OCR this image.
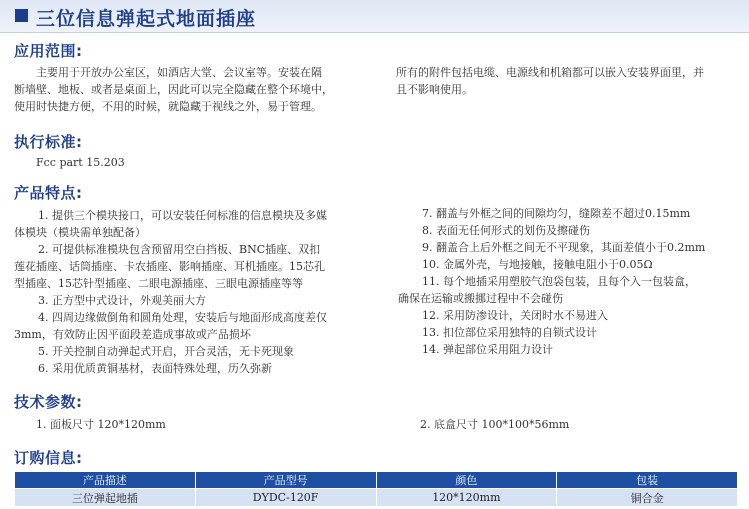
三位信息弹起式地面插座
应用范围:
主要用于开放办公室区，如酒店大堂、会议室等。安装在隔
断墙壁、地板、或者是桌面上，因此可以完全隐藏在整个环境中，
使用时快捷方便，不用的时候，就隐藏于视线之外，易于管理。
所有的附件包括电缆、电源线和机箱都可以嵌入安装界面里，并
且不影响使用。
执行标准:
Fcc part 15.203
产品特点:
1. 提供三个模块接口，可以安装任何标准的信息模块及多媒
体模块（模块需单独配备）
2. 可提供标准模块包含预留用空白挡板、BNC插座、双扣
莲花插座、话筒插座、卡农插座、影响插座、耳机插座。15芯孔
型插座、15芯针型插座、二眼电源插座、三眼电源插座等等
3. 正方型中式设计，外观美丽大方
4. 四周边缘做倒角和圆角处理，安装后与地面形成高度差仅
3mm，有效防止因平面段差造成事故或产品损坏
5. 开关控制自动弹起式开启，开合灵活，无卡死现象
6. 采用优质黄铜基材，表面特殊处理，历久弥新
7. 翻盖与外框之间的间隙均匀，缝隙差不超过0.15mm
8. 表面无任何形式的划伤及擦碰伤
9. 翻盖合上后外框之间无不平现象，其面差值小于0.2mm
10. 金属外壳，与地接触，接触电阻小于0.05Ω
11. 每个地插采用塑胶气泡袋包装，且每个入一包装盒，
确保在运输或搬挪过程中不会碰伤
12. 采用防渗设计，关闭时水不易进入
13. 扣位部位采用独特的自锁式设计
14. 弹起部位采用阻力设计
技术参数:
1. 面板尺寸 120*120mm	2. 底盒尺寸 100*100*56mm
订购信息:
产品描述	产品型号	颜色	包装
三位弹起地插	DYDC-120F	120*120mm	铜合金
